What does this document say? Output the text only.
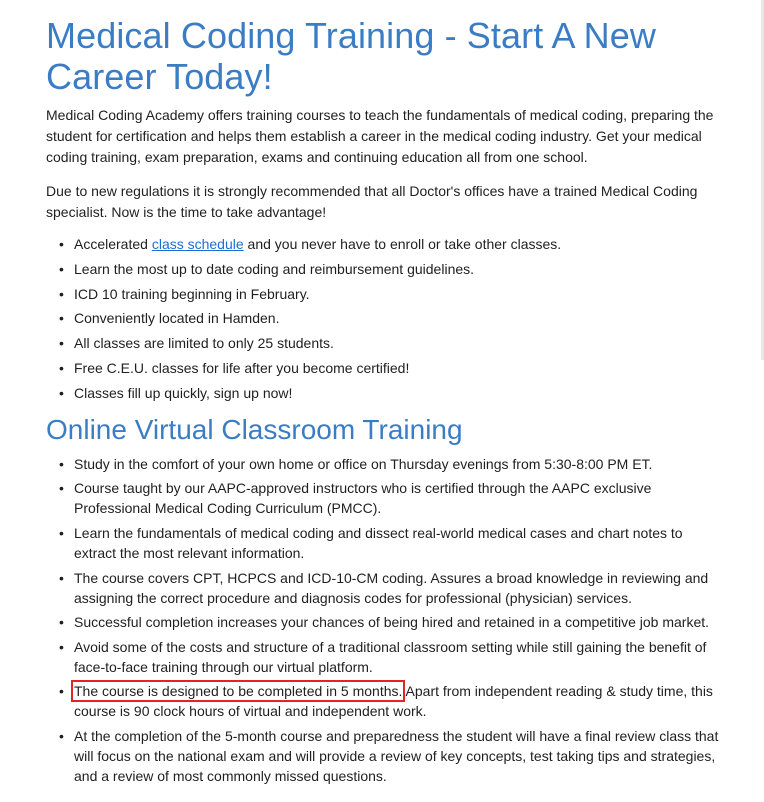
Medical Coding Training - Start A New Career Today!

Medical Coding Academy offers training courses to teach the fundamentals of medical coding, preparing the student for certification and helps them establish a career in the medical coding industry. Get your medical coding training, exam preparation, exams and continuing education all from one school.

Due to new regulations it is strongly recommended that all Doctor's offices have a trained Medical Coding specialist. Now is the time to take advantage!

• Accelerated class schedule and you never have to enroll or take other classes.
• Learn the most up to date coding and reimbursement guidelines.
• ICD 10 training beginning in February.
• Conveniently located in Hamden.
• All classes are limited to only 25 students.
• Free C.E.U. classes for life after you become certified!
• Classes fill up quickly, sign up now!
Online Virtual Classroom Training
• Study in the comfort of your own home or office on Thursday evenings from 5:30-8:00 PM ET.
• Course taught by our AAPC-approved instructors who is certified through the AAPC exclusive Professional Medical Coding Curriculum (PMCC).
• Learn the fundamentals of medical coding and dissect real-world medical cases and chart notes to extract the most relevant information.
• The course covers CPT, HCPCS and ICD-10-CM coding. Assures a broad knowledge in reviewing and assigning the correct procedure and diagnosis codes for professional (physician) services.
• Successful completion increases your chances of being hired and retained in a competitive job market.
• Avoid some of the costs and structure of a traditional classroom setting while still gaining the benefit of face-to-face training through our virtual platform.
• The course is designed to be completed in 5 months. Apart from independent reading & study time, this course is 90 clock hours of virtual and independent work.
• At the completion of the 5-month course and preparedness the student will have a final review class that will focus on the national exam and will provide a review of key concepts, test taking tips and strategies, and a review of most commonly missed questions.
